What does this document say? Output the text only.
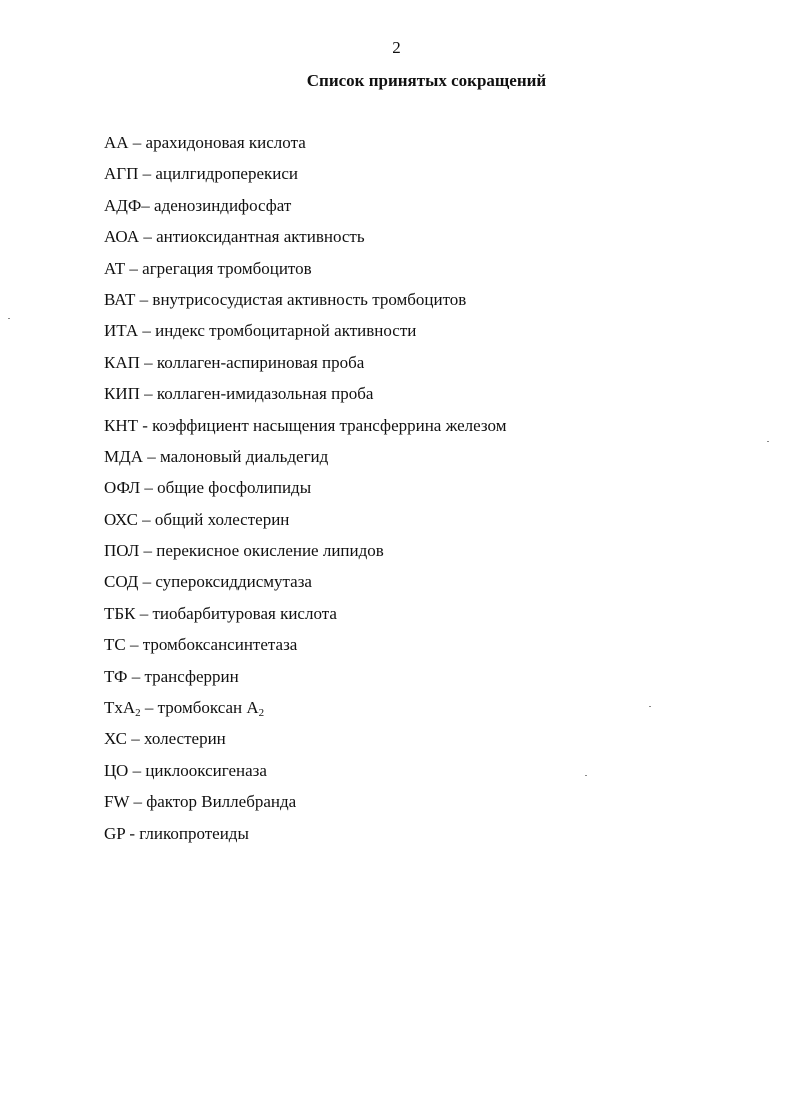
2
Список принятых сокращений
АА – арахидоновая кислота
АГП – ацилгидроперекиси
АДФ– аденозиндифосфат
АОА – антиоксидантная активность
АТ – агрегация тромбоцитов
ВАТ – внутрисосудистая активность тромбоцитов
ИТА – индекс тромбоцитарной активности
КАП – коллаген-аспириновая проба
КИП – коллаген-имидазольная проба
КНТ - коэффициент насыщения трансферрина железом
МДА – малоновый диальдегид
ОФЛ – общие фосфолипиды
ОХС – общий холестерин
ПОЛ – перекисное окисление липидов
СОД – супероксиддисмутаза
ТБК – тиобарбитуровая кислота
ТС – тромбоксансинтетаза
ТФ – трансферрин
TxA$_2$ – тромбоксан $А_2$
ХС – холестерин
ЦО – циклооксигеназа
FW – фактор Виллебранда
GP - гликопротеиды
